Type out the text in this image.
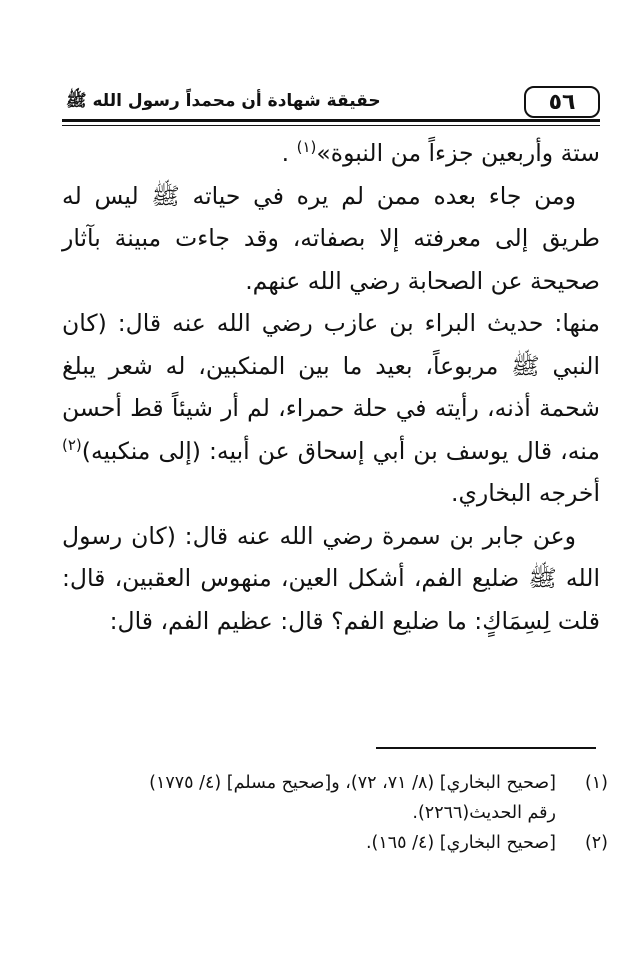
٥٦
حقيقة شهادة أن محمداً رسول الله ﷺ

ستة وأربعين جزءاً من النبوة»$^{(١)}$ .

ومن جاء بعده ممن لم يره في حياته ﷺ ليس له طريق إلى معرفته إلا بصفاته، وقد جاءت مبينة بآثار صحيحة عن الصحابة رضي الله عنهم.

منها: حديث البراء بن عازب رضي الله عنه قال: (كان النبي ﷺ مربوعاً، بعيد ما بين المنكبين، له شعر يبلغ شحمة أذنه، رأيته في حلة حمراء، لم أر شيئاً قط أحسن منه، قال يوسف بن أبي إسحاق عن أبيه: (إلى منكبيه)$^{(٢)}$ أخرجه البخاري.

وعن جابر بن سمرة رضي الله عنه قال: (كان رسول الله ﷺ ضليع الفم، أشكل العين، منهوس العقبين، قال: قلت لِسِمَاكٍ: ما ضليع الفم؟ قال: عظيم الفم، قال:

(١)
[صحيح البخاري] (٨/ ٧١، ٧٢)، و[صحيح مسلم] (٤/ ١٧٧٥)
رقم الحديث(٢٢٦٦).
(٢)
[صحيح البخاري] (٤/ ١٦٥).
